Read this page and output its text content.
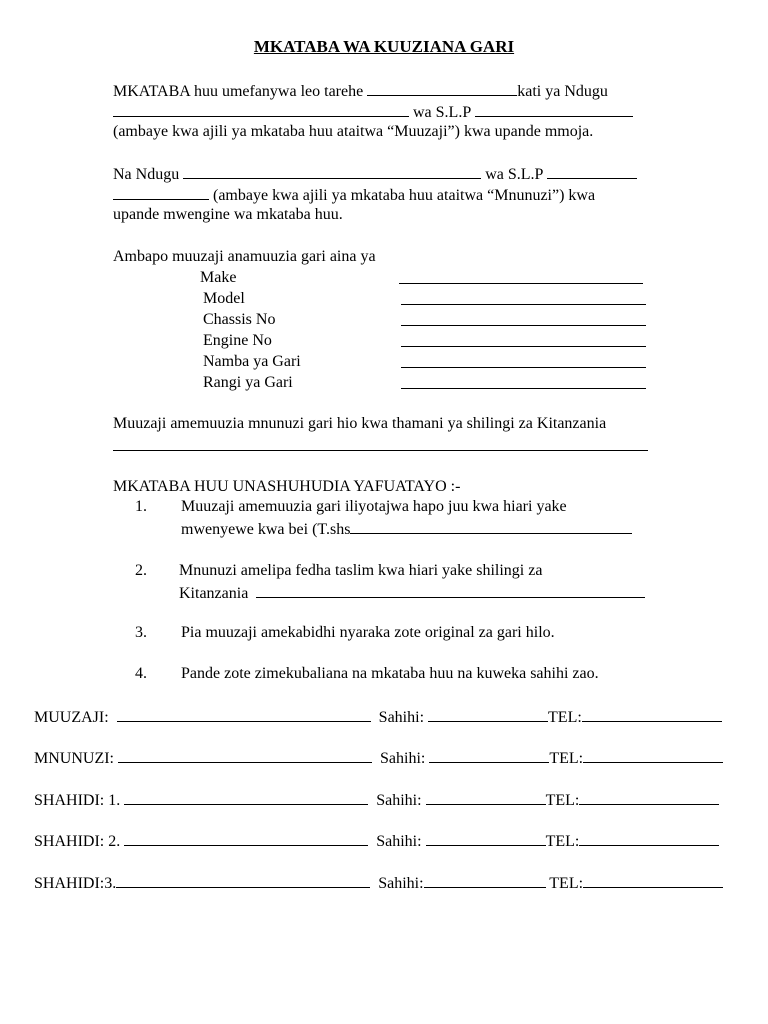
MKATABA WA KUUZIANA GARI
MKATABA huu umefanywa leo tarehe	kati ya Ndugu
wa S.L.P
(ambaye kwa ajili ya mkataba huu ataitwa “Muuzaji”) kwa upande mmoja.
Na Ndugu	wa S.L.P
(ambaye kwa ajili ya mkataba huu ataitwa “Mnunuzi”) kwa
upande mwengine wa mkataba huu.
Ambapo muuzaji anamuuzia gari aina ya
Make
Model
Chassis No
Engine No
Namba ya Gari
Rangi ya Gari
Muuzaji amemuuzia mnunuzi gari hio kwa thamani ya shilingi za Kitanzania
MKATABA HUU UNASHUHUDIA YAFUATAYO :-
1. Muuzaji amemuuzia gari iliyotajwa hapo juu kwa hiari yake
mwenyewe kwa bei (T.shs
2. Mnunuzi amelipa fedha taslim kwa hiari yake shilingi za
Kitanzania
3. Pia muuzaji amekabidhi nyaraka zote original za gari hilo.
4. Pande zote zimekubaliana na mkataba huu na kuweka sahihi zao.
MUUZAJI:	Sahihi:	TEL:
MNUNUZI:	Sahihi:	TEL:
SHAHIDI: 1.	Sahihi:	TEL:
SHAHIDI: 2.	Sahihi:	TEL:
SHAHIDI:3.	Sahihi:	TEL:
